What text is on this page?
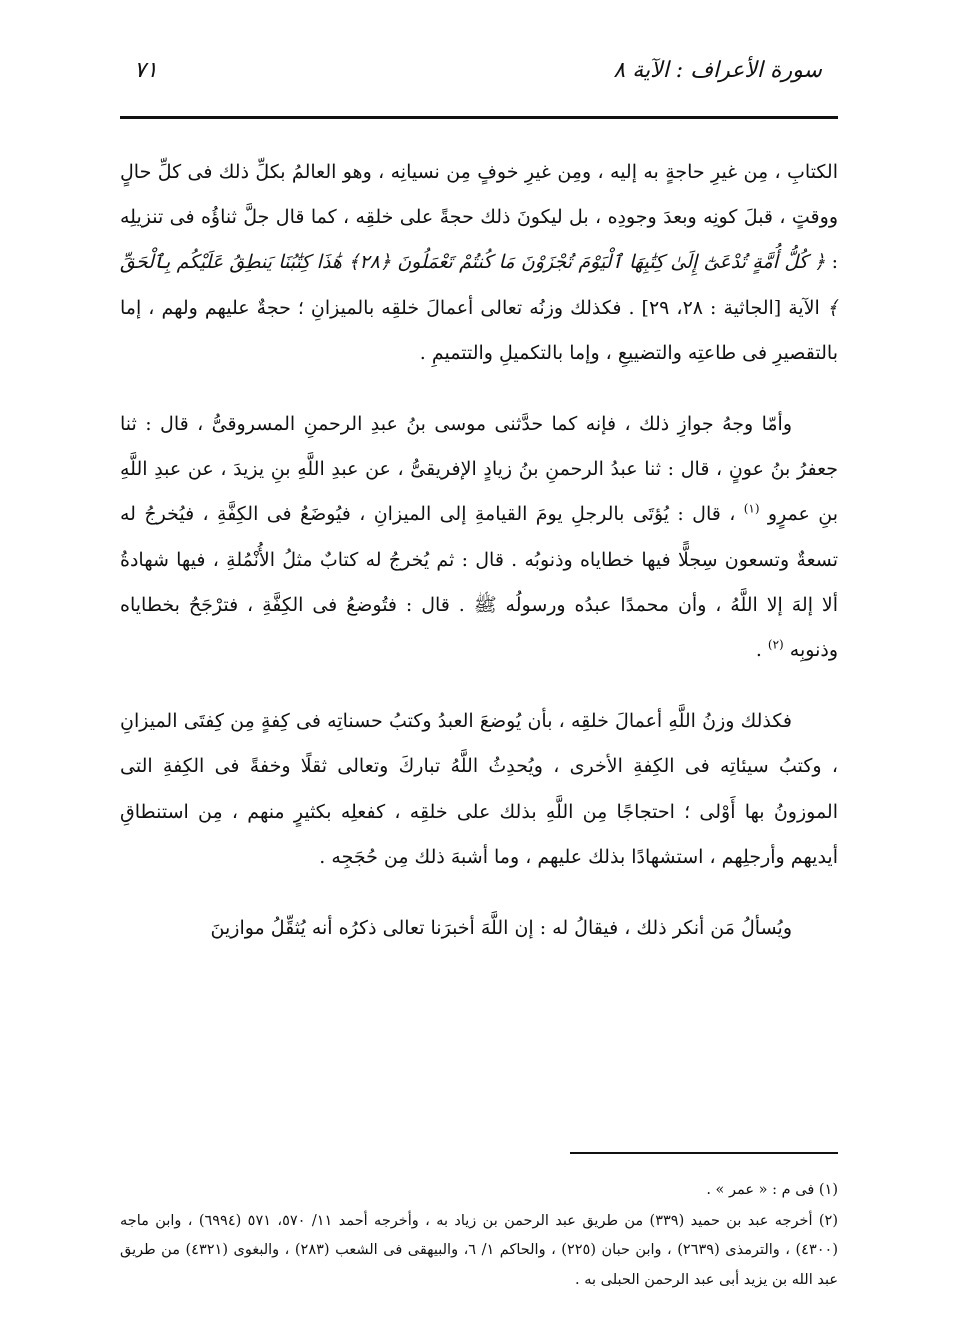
سورة الأعراف : الآية ٨
٧١

الكتابِ ، مِن غيرِ حاجةٍ به إليه ، ومِن غيرِ خوفٍ مِن نسيانِه ، وهو العالمُ بكلِّ ذلك فى كلِّ حالٍ ووقتٍ ، قبلَ كونِه وبعدَ وجودِه ، بل ليكونَ ذلك حجةً على خلقِه ، كما قال جلَّ ثناؤُه فى تنزيلِه : ﴿ كُلُّ أُمَّةٍ تُدْعَىٰٓ إِلَىٰ كِتَٰبِهَا ٱلْيَوْمَ تُجْزَوْنَ مَا كُنتُمْ تَعْمَلُونَ ﴿٢٨﴾ هَٰذَا كِتَٰبُنَا يَنطِقُ عَلَيْكُم بِٱلْحَقِّ ﴾ الآية [الجاثية : ٢٨، ٢٩] . فكذلك وزنُه تعالى أعمالَ خلقِه بالميزانِ ؛ حجةٌ عليهم ولهم ، إما بالتقصيرِ فى طاعتِه والتضييعِ ، وإما بالتكميلِ والتتميمِ .

وأمّا وجهُ جوازِ ذلك ، فإنه كما حدَّثنى موسى بنُ عبدِ الرحمنِ المسروقىُّ ، قال : ثنا جعفرُ بنُ عونٍ ، قال : ثنا عبدُ الرحمنِ بنُ زيادٍ الإفريقىُّ ، عن عبدِ اللَّهِ بنِ يزيدَ ، عن عبدِ اللَّهِ بنِ عمرٍو $^{(١)}$ ، قال : يُؤتَى بالرجلِ يومَ القيامةِ إلى الميزانِ ، فيُوضَعُ فى الكِفَّةِ ، فيُخرجُ له تسعةٌ وتسعون سِجلًّا فيها خطاياه وذنوبُه . قال : ثم يُخرجُ له كتابٌ مثلُ الأُنْمُلةِ ، فيها شهادةُ ألا إلهَ إلا اللَّهُ ، وأن محمدًا عبدُه ورسولُه ﷺ . قال : فتُوضعُ فى الكِفَّةِ ، فترْجَحُ بخطاياه وذنوبِه $^{(٢)}$ .

فكذلك وزنُ اللَّهِ أعمالَ خلقِه ، بأن يُوضعَ العبدُ وكتبُ حسناتِه فى كِفةٍ مِن كِفتَى الميزانِ ، وكتبُ سيئاتِه فى الكِفةِ الأخرى ، ويُحدِثُ اللَّهُ تباركَ وتعالى ثقلًا وخفةً فى الكِفةِ التى الموزونُ بها أَوْلى ؛ احتجاجًا مِن اللَّهِ بذلك على خلقِه ، كفعلِه بكثيرٍ منهم ، مِن استنطاقِ أيديهم وأرجلِهم ، استشهادًا بذلك عليهم ، وما أشبهَ ذلك مِن حُجَجِه .

ويُسألُ مَن أنكر ذلك ، فيقالُ له : إن اللَّهَ أخبرَنا تعالى ذكرُه أنه يُثقِّلُ موازينَ

(١) فى م : « عمر » .

(٢) أخرجه عبد بن حميد (٣٣٩) من طريق عبد الرحمن بن زياد به ، وأخرجه أحمد ١١/ ٥٧٠، ٥٧١ (٦٩٩٤) ، وابن ماجه (٤٣٠٠) ، والترمذى (٢٦٣٩) ، وابن حبان (٢٢٥) ، والحاكم ١/ ٦، والبيهقى فى الشعب (٢٨٣) ، والبغوى (٤٣٢١) من طريق عبد الله بن يزيد أبى عبد الرحمن الحبلى به .
